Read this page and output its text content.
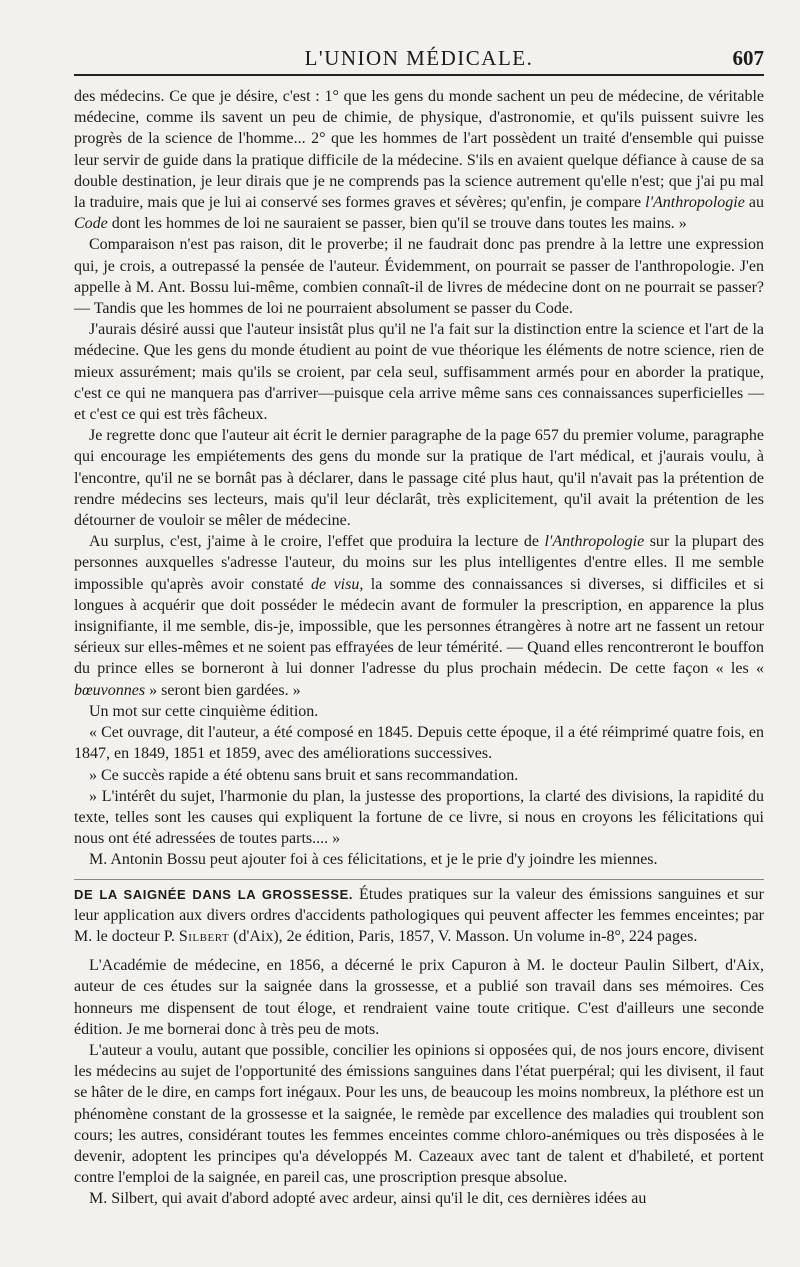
L'UNION MÉDICALE.	607

des médecins. Ce que je désire, c'est : 1° que les gens du monde sachent un peu de médecine, de véritable médecine, comme ils savent un peu de chimie, de physique, d'astronomie, et qu'ils puissent suivre les progrès de la science de l'homme... 2° que les hommes de l'art possèdent un traité d'ensemble qui puisse leur servir de guide dans la pratique difficile de la médecine. S'ils en avaient quelque défiance à cause de sa double destination, je leur dirais que je ne comprends pas la science autrement qu'elle n'est; que j'ai pu mal la traduire, mais que je lui ai conservé ses formes graves et sévères; qu'enfin, je compare l'Anthropologie au Code dont les hommes de loi ne sauraient se passer, bien qu'il se trouve dans toutes les mains. »

Comparaison n'est pas raison, dit le proverbe; il ne faudrait donc pas prendre à la lettre une expression qui, je crois, a outrepassé la pensée de l'auteur. Évidemment, on pourrait se passer de l'anthropologie. J'en appelle à M. Ant. Bossu lui-même, combien connaît-il de livres de médecine dont on ne pourrait se passer? — Tandis que les hommes de loi ne pourraient absolument se passer du Code.

J'aurais désiré aussi que l'auteur insistât plus qu'il ne l'a fait sur la distinction entre la science et l'art de la médecine. Que les gens du monde étudient au point de vue théorique les éléments de notre science, rien de mieux assurément; mais qu'ils se croient, par cela seul, suffisamment armés pour en aborder la pratique, c'est ce qui ne manquera pas d'arriver—puisque cela arrive même sans ces connaissances superficielles — et c'est ce qui est très fâcheux.

Je regrette donc que l'auteur ait écrit le dernier paragraphe de la page 657 du premier volume, paragraphe qui encourage les empiétements des gens du monde sur la pratique de l'art médical, et j'aurais voulu, à l'encontre, qu'il ne se bornât pas à déclarer, dans le passage cité plus haut, qu'il n'avait pas la prétention de rendre médecins ses lecteurs, mais qu'il leur déclarât, très explicitement, qu'il avait la prétention de les détourner de vouloir se mêler de médecine.

Au surplus, c'est, j'aime à le croire, l'effet que produira la lecture de l'Anthropologie sur la plupart des personnes auxquelles s'adresse l'auteur, du moins sur les plus intelligentes d'entre elles. Il me semble impossible qu'après avoir constaté de visu, la somme des connaissances si diverses, si difficiles et si longues à acquérir que doit posséder le médecin avant de formuler la prescription, en apparence la plus insignifiante, il me semble, dis-je, impossible, que les personnes étrangères à notre art ne fassent un retour sérieux sur elles-mêmes et ne soient pas effrayées de leur témérité. — Quand elles rencontreront le bouffon du prince elles se borneront à lui donner l'adresse du plus prochain médecin. De cette façon « les « bœuvonnes » seront bien gardées. »

Un mot sur cette cinquième édition.

« Cet ouvrage, dit l'auteur, a été composé en 1845. Depuis cette époque, il a été réimprimé quatre fois, en 1847, en 1849, 1851 et 1859, avec des améliorations successives.

» Ce succès rapide a été obtenu sans bruit et sans recommandation.

» L'intérêt du sujet, l'harmonie du plan, la justesse des proportions, la clarté des divisions, la rapidité du texte, telles sont les causes qui expliquent la fortune de ce livre, si nous en croyons les félicitations qui nous ont été adressées de toutes parts.... »

M. Antonin Bossu peut ajouter foi à ces félicitations, et je le prie d'y joindre les miennes.

DE LA SAIGNÉE DANS LA GROSSESSE. Études pratiques sur la valeur des émissions sanguines et sur leur application aux divers ordres d'accidents pathologiques qui peuvent affecter les femmes enceintes; par M. le docteur P. Silbert (d'Aix), 2e édition, Paris, 1857, V. Masson. Un volume in-8°, 224 pages.

L'Académie de médecine, en 1856, a décerné le prix Capuron à M. le docteur Paulin Silbert, d'Aix, auteur de ces études sur la saignée dans la grossesse, et a publié son travail dans ses mémoires. Ces honneurs me dispensent de tout éloge, et rendraient vaine toute critique. C'est d'ailleurs une seconde édition. Je me bornerai donc à très peu de mots.

L'auteur a voulu, autant que possible, concilier les opinions si opposées qui, de nos jours encore, divisent les médecins au sujet de l'opportunité des émissions sanguines dans l'état puerpéral; qui les divisent, il faut se hâter de le dire, en camps fort inégaux. Pour les uns, de beaucoup les moins nombreux, la pléthore est un phénomène constant de la grossesse et la saignée, le remède par excellence des maladies qui troublent son cours; les autres, considérant toutes les femmes enceintes comme chloro-anémiques ou très disposées à le devenir, adoptent les principes qu'a développés M. Cazeaux avec tant de talent et d'habileté, et portent contre l'emploi de la saignée, en pareil cas, une proscription presque absolue.

M. Silbert, qui avait d'abord adopté avec ardeur, ainsi qu'il le dit, ces dernières idées au
